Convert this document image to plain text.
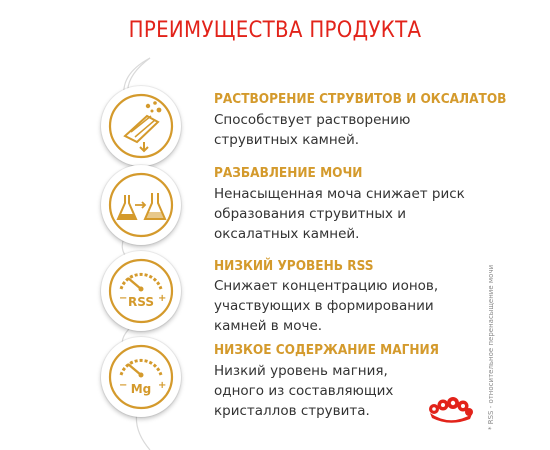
ПРЕИМУЩЕСТВА ПРОДУКТА
RSS
−	+
Mg
−	+
РАСТВОРЕНИЕ СТРУВИТОВ И ОКСАЛАТОВ
Способствует растворению струвитных камней.
РАЗБАВЛЕНИЕ МОЧИ
Ненасыщенная моча снижает риск образования струвитных и оксалатных камней.
НИЗКИЙ УРОВЕНЬ RSS
Снижает концентрацию ионов, участвующих в формировании камней в моче.
НИЗКОЕ СОДЕРЖАНИЕ МАГНИЯ
Низкий уровень магния, одного из составляющих кристаллов струвита.	* RSS - относительное перенасыщение мочи
